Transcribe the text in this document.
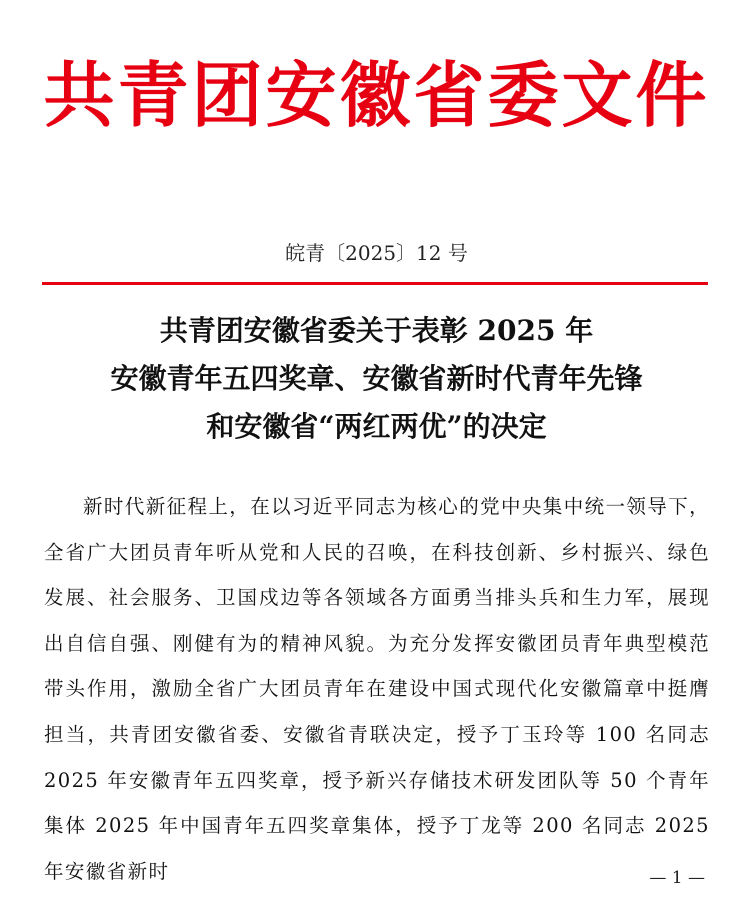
共青团安徽省委文件
皖青〔2025〕12 号
共青团安徽省委关于表彰 2025 年
安徽青年五四奖章、安徽省新时代青年先锋
和安徽省“两红两优”的决定

新时代新征程上，在以习近平同志为核心的党中央集中统一领导下，全省广大团员青年听从党和人民的召唤，在科技创新、乡村振兴、绿色发展、社会服务、卫国戍边等各领域各方面勇当排头兵和生力军，展现出自信自强、刚健有为的精神风貌。为充分发挥安徽团员青年典型模范带头作用，激励全省广大团员青年在建设中国式现代化安徽篇章中挺膺担当，共青团安徽省委、安徽省青联决定，授予丁玉玲等 100 名同志 2025 年安徽青年五四奖章，授予新兴存储技术研发团队等 50 个青年集体 2025 年中国青年五四奖章集体，授予丁龙等 200 名同志 2025 年安徽省新时	— 1 —
